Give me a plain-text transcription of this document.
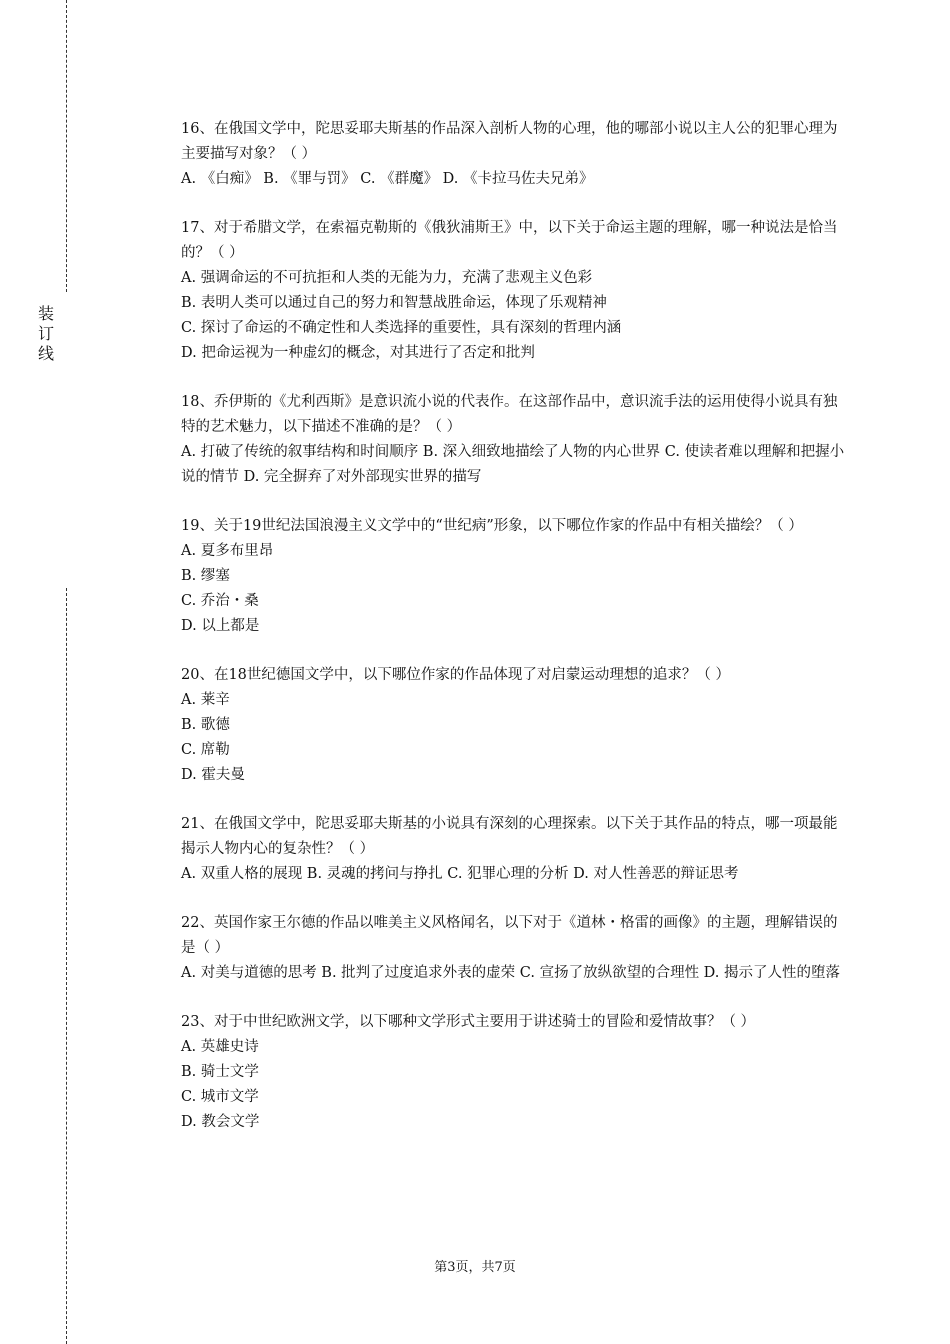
装
订
线

16、在俄国文学中，陀思妥耶夫斯基的作品深入剖析人物的心理，他的哪部小说以主人公的犯罪心理为主要描写对象？（ ）

A. 《白痴》 B. 《罪与罚》 C. 《群魔》 D. 《卡拉马佐夫兄弟》

17、对于希腊文学，在索福克勒斯的《俄狄浦斯王》中，以下关于命运主题的理解，哪一种说法是恰当的？（ ）

A. 强调命运的不可抗拒和人类的无能为力，充满了悲观主义色彩

B. 表明人类可以通过自己的努力和智慧战胜命运，体现了乐观精神

C. 探讨了命运的不确定性和人类选择的重要性，具有深刻的哲理内涵

D. 把命运视为一种虚幻的概念，对其进行了否定和批判

18、乔伊斯的《尤利西斯》是意识流小说的代表作。在这部作品中，意识流手法的运用使得小说具有独特的艺术魅力，以下描述不准确的是？（ ）

A. 打破了传统的叙事结构和时间顺序 B. 深入细致地描绘了人物的内心世界 C. 使读者难以理解和把握小说的情节 D. 完全摒弃了对外部现实世界的描写

19、关于19世纪法国浪漫主义文学中的“世纪病”形象，以下哪位作家的作品中有相关描绘？（ ）

A. 夏多布里昂

B. 缪塞

C. 乔治・桑

D. 以上都是

20、在18世纪德国文学中，以下哪位作家的作品体现了对启蒙运动理想的追求？（ ）

A. 莱辛

B. 歌德

C. 席勒

D. 霍夫曼

21、在俄国文学中，陀思妥耶夫斯基的小说具有深刻的心理探索。以下关于其作品的特点，哪一项最能揭示人物内心的复杂性？（ ）

A. 双重人格的展现 B. 灵魂的拷问与挣扎 C. 犯罪心理的分析 D. 对人性善恶的辩证思考

22、英国作家王尔德的作品以唯美主义风格闻名，以下对于《道林・格雷的画像》的主题，理解错误的是（ ）

A. 对美与道德的思考 B. 批判了过度追求外表的虚荣 C. 宣扬了放纵欲望的合理性 D. 揭示了人性的堕落

23、对于中世纪欧洲文学，以下哪种文学形式主要用于讲述骑士的冒险和爱情故事？（ ）

A. 英雄史诗

B. 骑士文学

C. 城市文学

D. 教会文学

第3页，共7页
